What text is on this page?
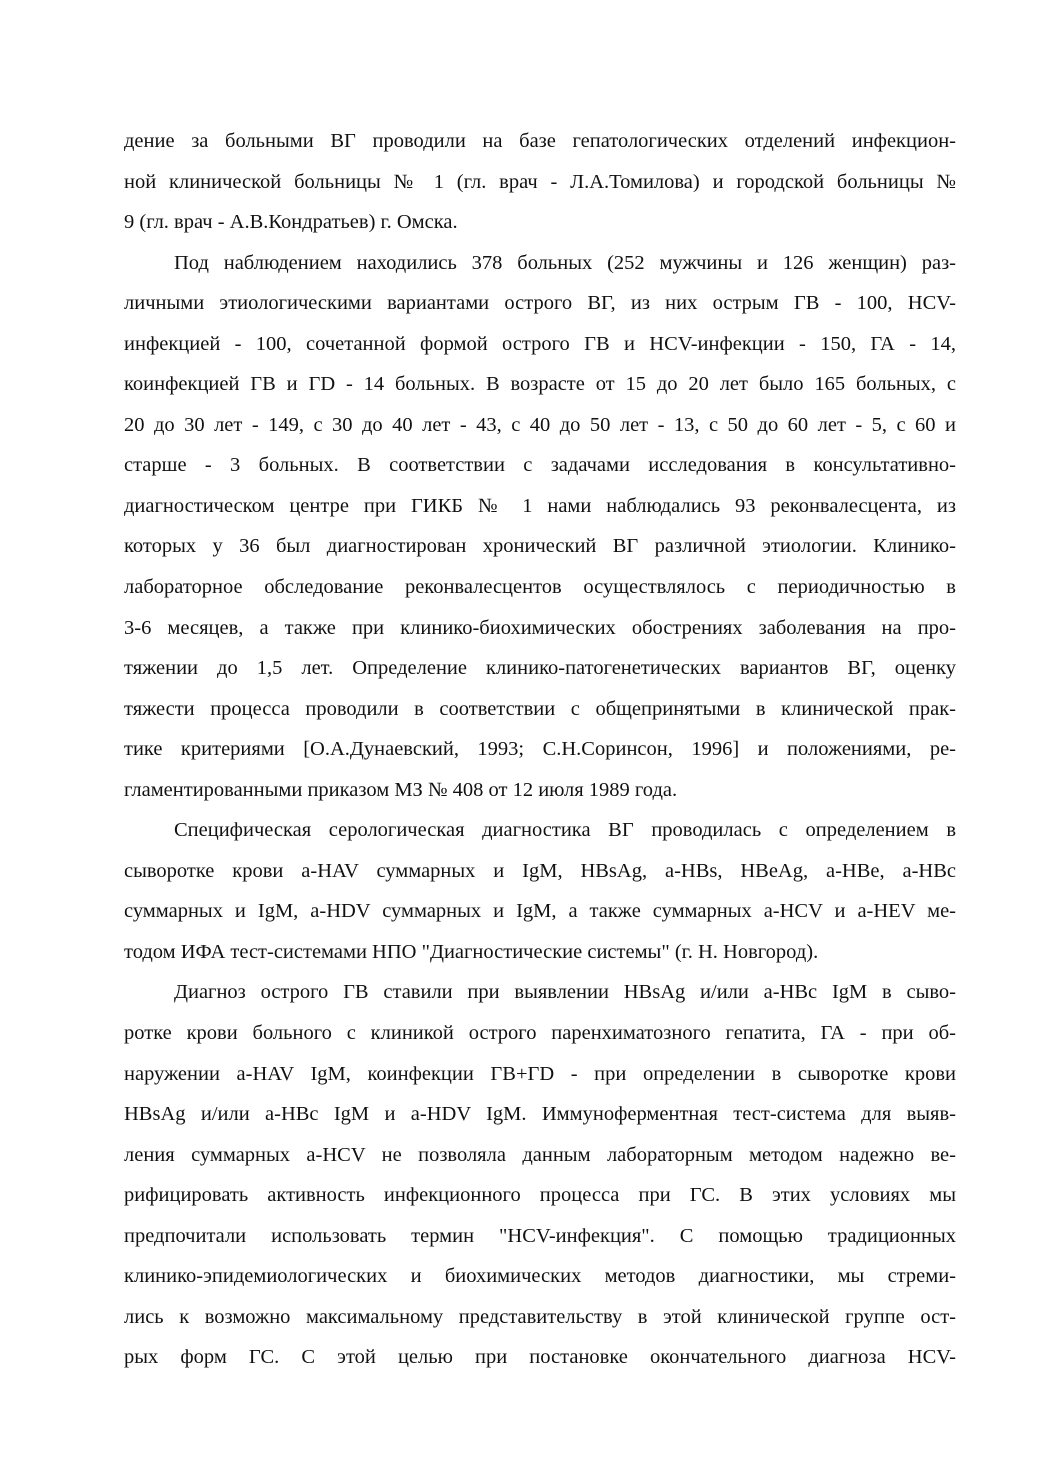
дение за больными ВГ проводили на базе гепатологических отделений инфекцион-
ной клинической больницы № 1 (гл. врач - Л.А.Томилова) и городской больницы №
9 (гл. врач - А.В.Кондратьев) г. Омска.
Под наблюдением находились 378 больных (252 мужчины и 126 женщин) раз-
личными этиологическими вариантами острого ВГ, из них острым ГВ - 100, HCV-
инфекцией - 100, сочетанной формой острого ГВ и HCV-инфекции - 150, ГА - 14,
коинфекцией ГВ и ГD - 14 больных. В возрасте от 15 до 20 лет было 165 больных, с
20 до 30 лет - 149, с 30 до 40 лет - 43, с 40 до 50 лет - 13, с 50 до 60 лет - 5, с 60 и
старше - 3 больных. В соответствии с задачами исследования в консультативно-
диагностическом центре при ГИКБ № 1 нами наблюдались 93 реконвалесцента, из
которых у 36 был диагностирован хронический ВГ различной этиологии. Клинико-
лабораторное обследование реконвалесцентов осуществлялось с периодичностью в
3-6 месяцев, а также при клинико-биохимических обострениях заболевания на про-
тяжении до 1,5 лет. Определение клинико-патогенетических вариантов ВГ, оценку
тяжести процесса проводили в соответствии с общепринятыми в клинической прак-
тике критериями [О.А.Дунаевский, 1993; С.Н.Соринсон, 1996] и положениями, ре-
гламентированными приказом МЗ № 408 от 12 июля 1989 года.
Специфическая серологическая диагностика ВГ проводилась с определением в
сыворотке крови a-HAV суммарных и IgM, HBsAg, a-HBs, HBeAg, a-HBe, a-HBc
суммарных и IgM, a-HDV суммарных и IgM, а также суммарных a-HCV и a-HEV ме-
тодом ИФА тест-системами НПО "Диагностические системы" (г. Н. Новгород).
Диагноз острого ГВ ставили при выявлении HBsAg и/или a-HBc IgM в сыво-
ротке крови больного с клиникой острого паренхиматозного гепатита, ГА - при об-
наружении a-HAV IgM, коинфекции ГВ+ГD - при определении в сыворотке крови
HBsAg и/или a-HBc IgM и a-HDV IgM. Иммуноферментная тест-система для выяв-
ления суммарных a-HCV не позволяла данным лабораторным методом надежно ве-
рифицировать активность инфекционного процесса при ГС. В этих условиях мы
предпочитали использовать термин "HCV-инфекция". С помощью традиционных
клинико-эпидемиологических и биохимических методов диагностики, мы стреми-
лись к возможно максимальному представительству в этой клинической группе ост-
рых форм ГС. С этой целью при постановке окончательного диагноза HCV-
